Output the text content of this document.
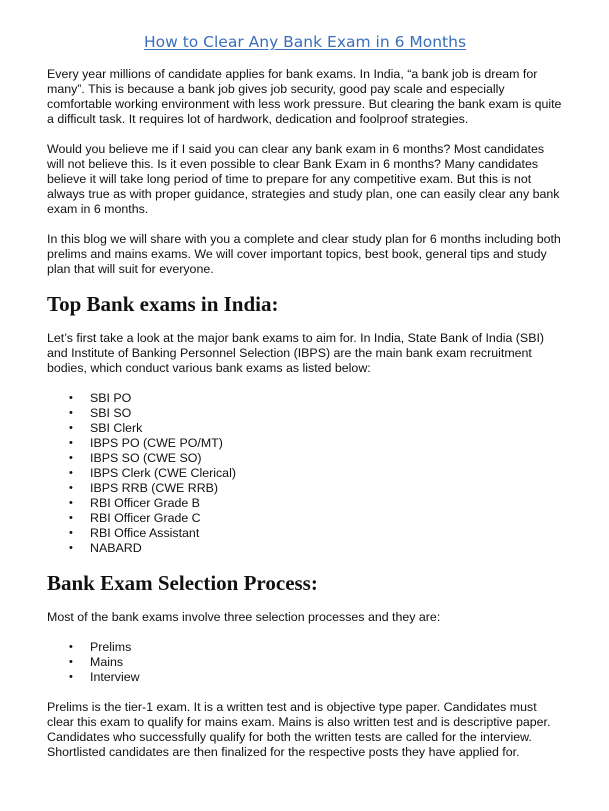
How to Clear Any Bank Exam in 6 Months

Every year millions of candidate applies for bank exams. In India, “a bank job is dream for many”. This is because a bank job gives job security, good pay scale and especially comfortable working environment with less work pressure. But clearing the bank exam is quite a difficult task. It requires lot of hardwork, dedication and foolproof strategies.

Would you believe me if I said you can clear any bank exam in 6 months? Most candidates will not believe this. Is it even possible to clear Bank Exam in 6 months? Many candidates believe it will take long period of time to prepare for any competitive exam. But this is not always true as with proper guidance, strategies and study plan, one can easily clear any bank exam in 6 months.

In this blog we will share with you a complete and clear study plan for 6 months including both prelims and mains exams. We will cover important topics, best book, general tips and study plan that will suit for everyone.

Top Bank exams in India:

Let’s first take a look at the major bank exams to aim for. In India, State Bank of India (SBI) and Institute of Banking Personnel Selection (IBPS) are the main bank exam recruitment bodies, which conduct various bank exams as listed below:

• SBI PO
• SBI SO
• SBI Clerk
• IBPS PO (CWE PO/MT)
• IBPS SO (CWE SO)
• IBPS Clerk (CWE Clerical)
• IBPS RRB (CWE RRB)
• RBI Officer Grade B
• RBI Officer Grade C
• RBI Office Assistant
• NABARD
Bank Exam Selection Process:

Most of the bank exams involve three selection processes and they are:

• Prelims
• Mains
• Interview

Prelims is the tier-1 exam. It is a written test and is objective type paper. Candidates must clear this exam to qualify for mains exam. Mains is also written test and is descriptive paper. Candidates who successfully qualify for both the written tests are called for the interview. Shortlisted candidates are then finalized for the respective posts they have applied for.
